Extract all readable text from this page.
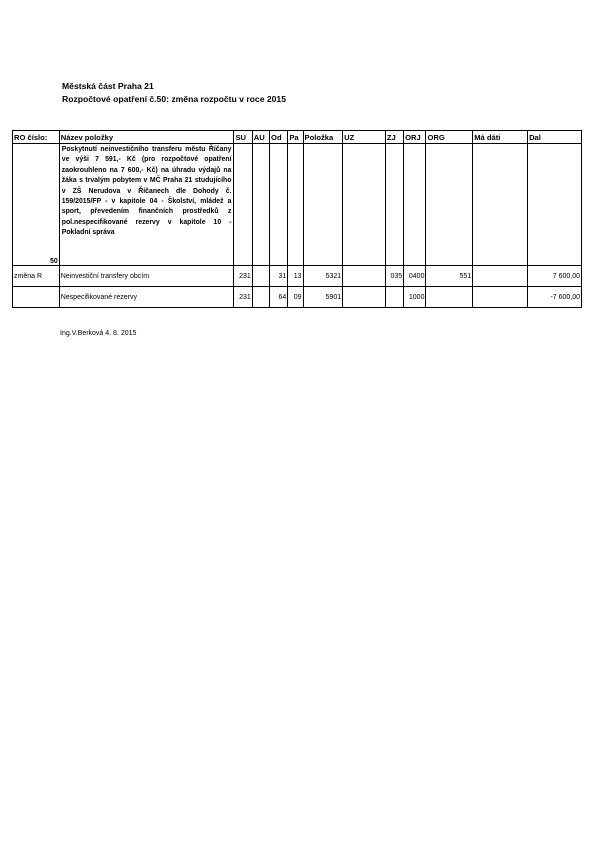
Městská část Praha 21
Rozpočtové opatření č.50: změna rozpočtu v roce 2015
RO číslo:	Název položky	SU	AU	Od	Pa	Položka	UZ	ZJ	ORJ	ORG	Má dáti	Dal
50	Poskytnutí neinvestičního transferu městu Říčany ve výši 7 591,- Kč (pro rozpočtové opatření zaokrouhleno na 7 600,- Kč) na úhradu výdajů na žáka s trvalým pobytem v MČ Praha 21 studujícího v ZŠ Nerudova v Říčanech dle Dohody č. 159/2015/FP - v kapitole 04 - Školství, mládež a sport, převedením finančních prostředků z pol.nespecifikované rezervy v kapitole 10 - Pokladní správa											
změna R	Neinvestiční transfery obcím	231		31	13	5321		035	0400	551		7 600,00
	Nespecifikované rezervy	231		64	09	5901			1000			-7 600,00
Ing.V.Berková 4. 8. 2015
